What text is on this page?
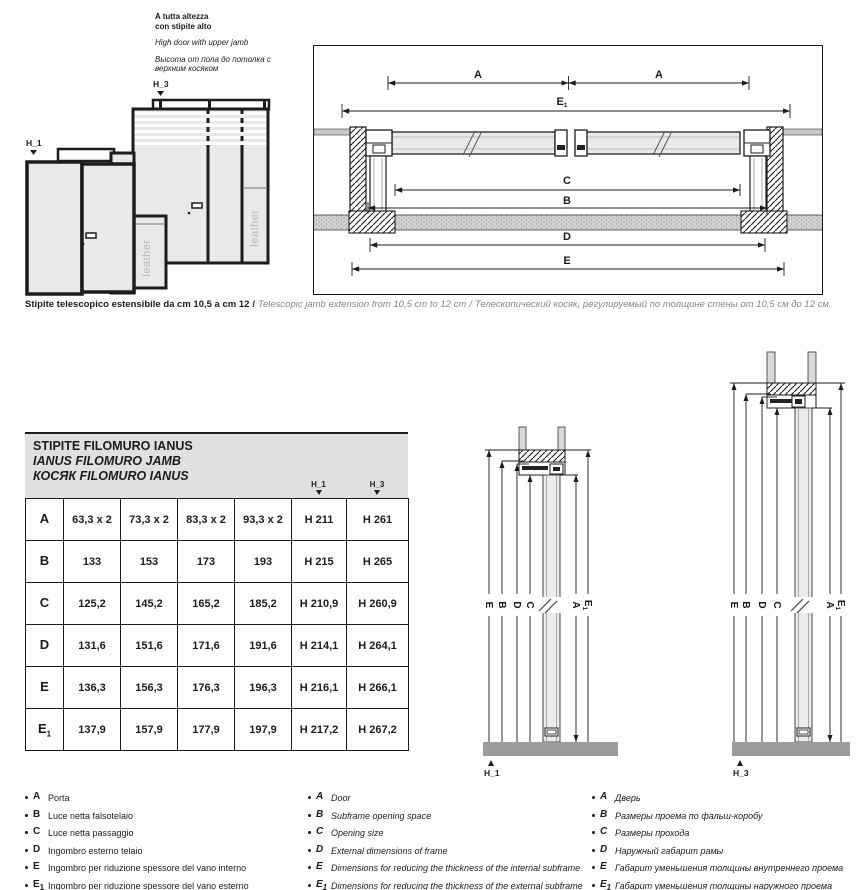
A tutta altezza

con stipite alto

High door with upper jamb

Высота от пола до потолка с

верхним косяком

H_3
leather
leather
H_1
A	A
E1
C
B
D
E

Stipite telescopico estensibile da cm 10,5 a cm 12 / Telescopic jamb extension from 10,5 cm to 12 cm / Телескопический косяк, регулируемый по толщине стены от 10,5 см до 12 см.

STIPITE FILOMURO IANUS

IANUS FILOMURO JAMB

КОСЯК FILOMURO IANUS

H_1	H_3
A	63,3 x 2	73,3 x 2	83,3 x 2	93,3 x 2	H 211	H 261
B	133	153	173	193	H 215	H 265
C	125,2	145,2	165,2	185,2	H 210,9	H 260,9
D	131,6	151,6	171,6	191,6	H 214,1	H 264,1
E	136,3	156,3	176,3	196,3	H 216,1	H 266,1
$E_1$	137,9	157,9	177,9	197,9	H 217,2	H 267,2
E B D C	A $E_1$
H_1
E B D C	A $E_1$
H_3
A Porta
B Luce netta falsotelaio
C Luce netta passaggio
D Ingombro esterno telaio
E Ingombro per riduzione spessore del vano interno
$E_1$ Ingombro per riduzione spessore del vano esterno
A Door
B Subframe opening space
C Opening size
D External dimensions of frame
E Dimensions for reducing the thickness of the internal subframe
$E_1$ Dimensions for reducing the thickness of the external subframe
A Дверь
B Размеры проема по фальш-коробу
C Размеры прохода
D Наружный габарит рамы
E Габарит уменьшения толщины внутреннего проема
$E_1$ Габарит уменьшения толщины наружного проема
